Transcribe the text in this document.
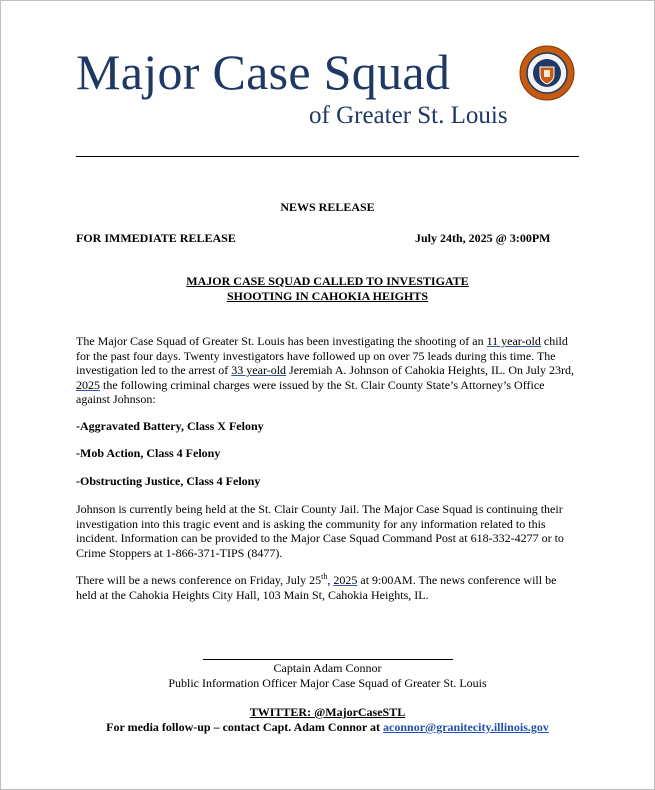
Major Case Squad
of Greater St. Louis
NEWS RELEASE
FOR IMMEDIATE RELEASE	July 24th, 2025 @ 3:00PM
MAJOR CASE SQUAD CALLED TO INVESTIGATE
SHOOTING IN CAHOKIA HEIGHTS
The Major Case Squad of Greater St. Louis has been investigating the shooting of an 11 year-old child for the past four days. Twenty investigators have followed up on over 75 leads during this time. The investigation led to the arrest of 33 year-old Jeremiah A. Johnson of Cahokia Heights, IL. On July 23rd, 2025 the following criminal charges were issued by the St. Clair County State’s Attorney’s Office against Johnson:
-Aggravated Battery, Class X Felony
-Mob Action, Class 4 Felony
-Obstructing Justice, Class 4 Felony
Johnson is currently being held at the St. Clair County Jail. The Major Case Squad is continuing their investigation into this tragic event and is asking the community for any information related to this incident. Information can be provided to the Major Case Squad Command Post at 618-332-4277 or to Crime Stoppers at 1-866-371-TIPS (8477).
There will be a news conference on Friday, July 25th, 2025 at 9:00AM. The news conference will be held at the Cahokia Heights City Hall, 103 Main St, Cahokia Heights, IL.
Captain Adam Connor
Public Information Officer Major Case Squad of Greater St. Louis
TWITTER: @MajorCaseSTL
For media follow-up – contact Capt. Adam Connor at aconnor@granitecity.illinois.gov
